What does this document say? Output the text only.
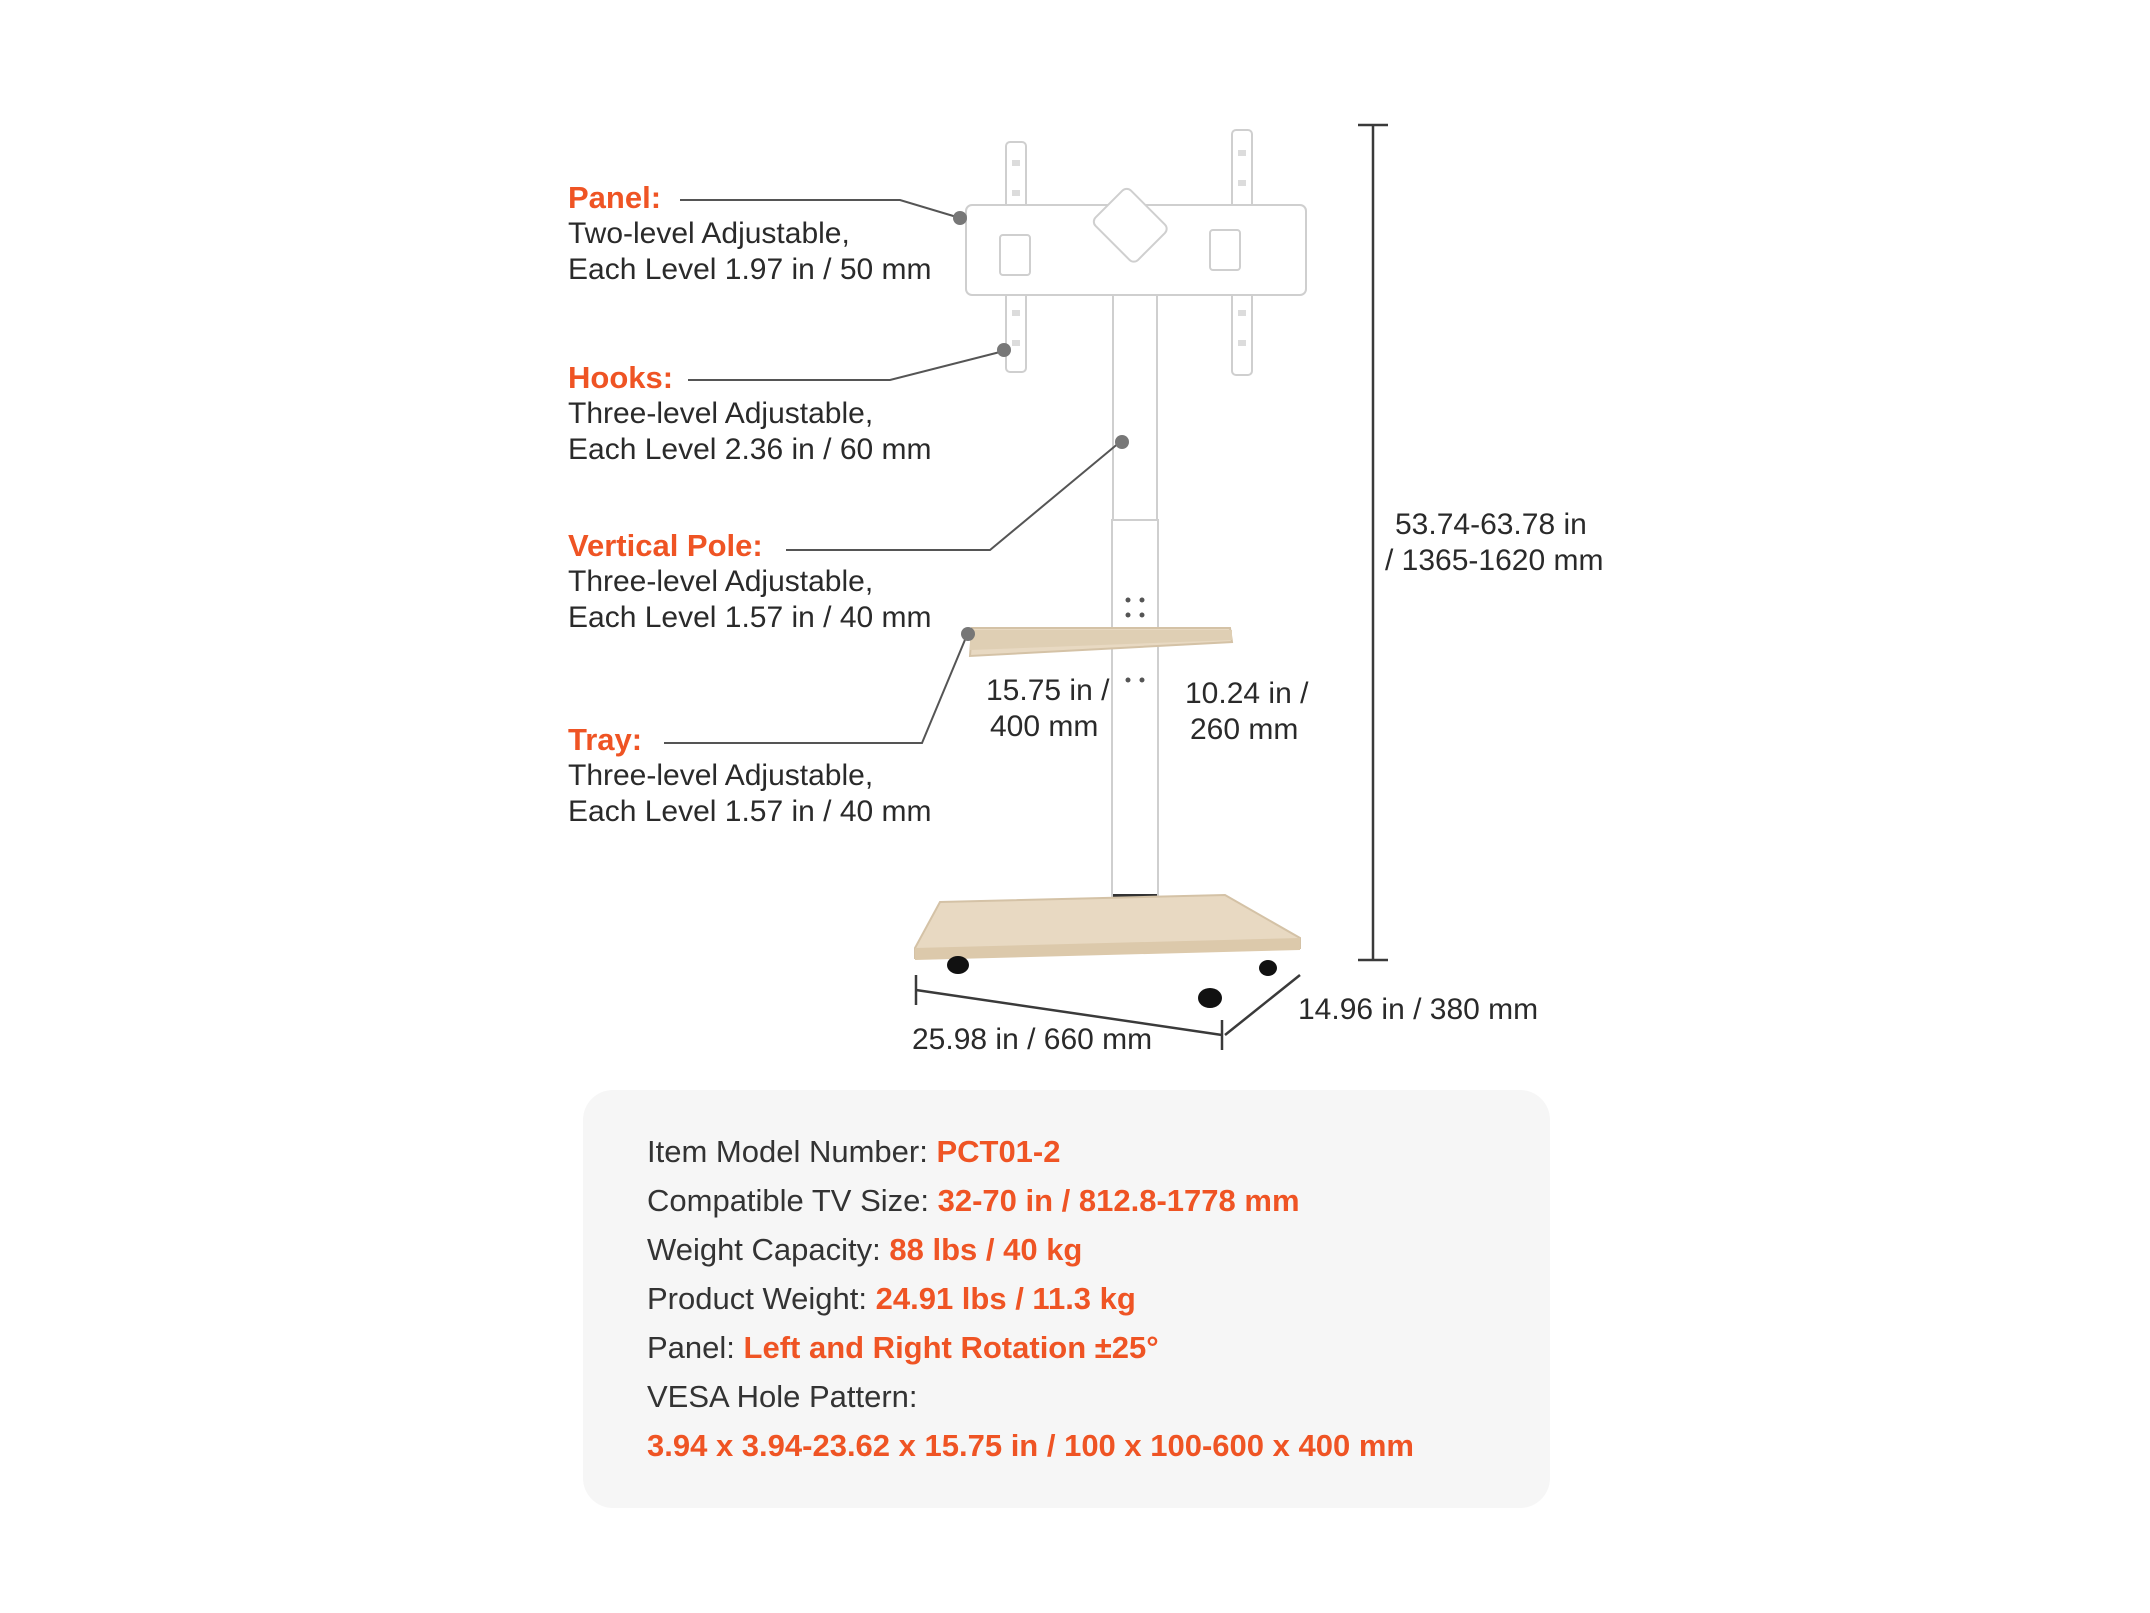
Panel:
Two-level Adjustable,
Each Level 1.97 in / 50 mm
Hooks:
Three-level Adjustable,
Each Level 2.36 in / 60 mm
Vertical Pole:
Three-level Adjustable,
Each Level 1.57 in / 40 mm
Tray:
Three-level Adjustable,
Each Level 1.57 in / 40 mm
53.74-63.78 in
/ 1365-1620 mm
15.75 in /
400 mm
10.24 in /
260 mm
25.98 in / 660 mm
14.96 in / 380 mm
Item Model Number: PCT01-2
Compatible TV Size: 32-70 in / 812.8-1778 mm
Weight Capacity: 88 lbs / 40 kg
Product Weight: 24.91 lbs / 11.3 kg
Panel: Left and Right Rotation ±25°
VESA Hole Pattern:
3.94 x 3.94-23.62 x 15.75 in / 100 x 100-600 x 400 mm
